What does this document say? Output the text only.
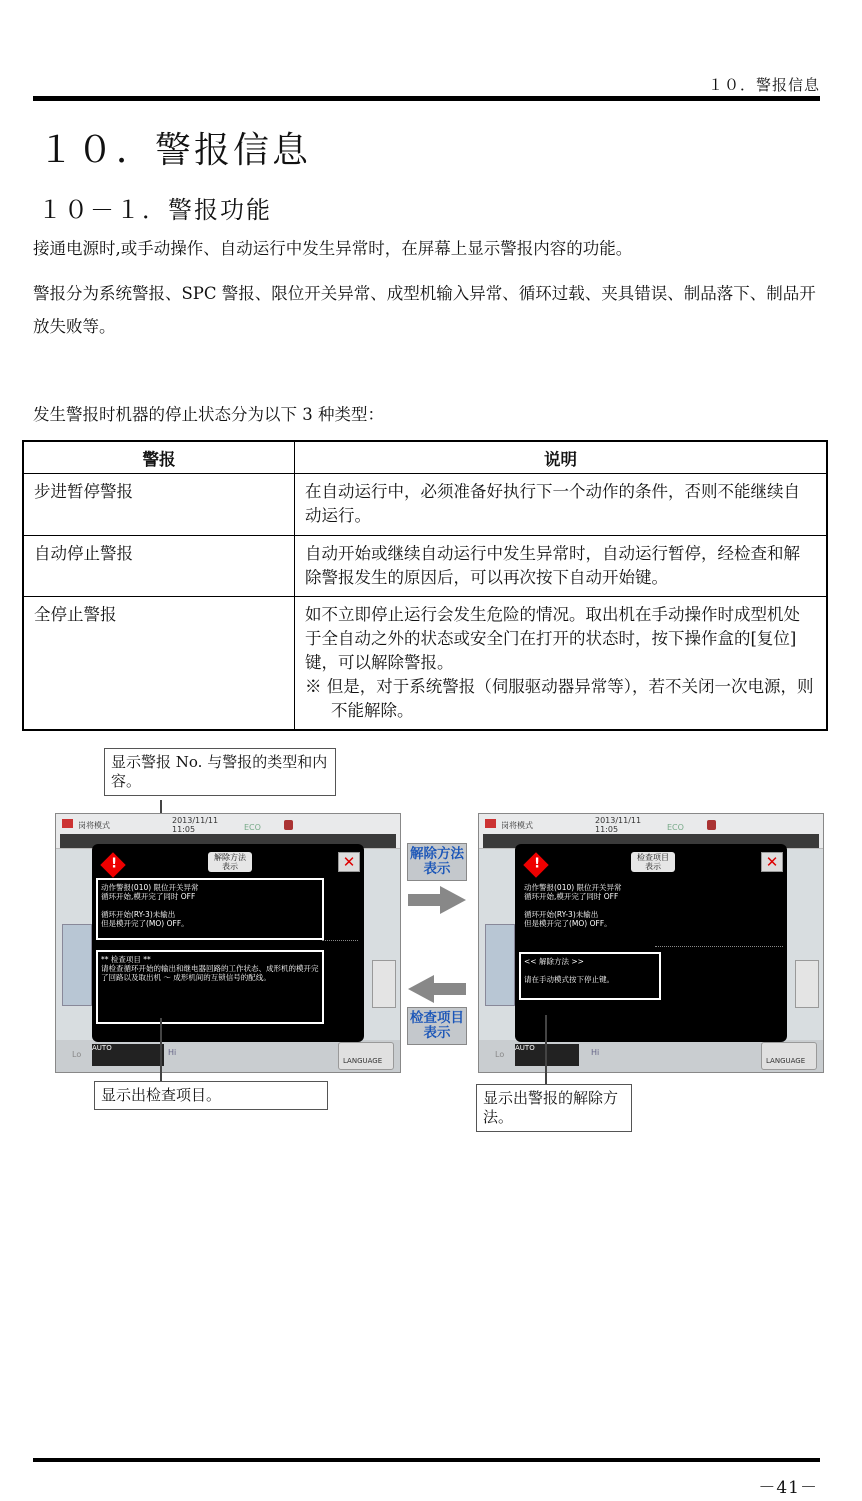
１０．警报信息
１０．警报信息
１０－１．警报功能
接通电源时,或手动操作、自动运行中发生异常时，在屏幕上显示警报内容的功能。
警报分为系统警报、SPC 警报、限位开关异常、成型机输入异常、循环过载、夹具错误、制品落下、制品开放失败等。
发生警报时机器的停止状态分为以下 3 种类型：
警报	说明
步进暂停警报	在自动运行中，必须准备好执行下一个动作的条件，否则不能继续自动运行。
自动停止警报	自动开始或继续自动运行中发生异常时，自动运行暂停，经检查和解除警报发生的原因后，可以再次按下自动开始键。
全停止警报	如不立即停止运行会发生危险的情况。取出机在手动操作时成型机处于全自动之外的状态或安全门在打开的状态时，按下操作盒的[复位]键，可以解除警报。
※ 但是，对于系统警报（伺服驱动器异常等），若不关闭一次电源，则不能解除。
显示警报 No. 与警报的类型和内容。
岗将模式
2013/11/11
11:05	ECO
Lo
AUTO	Hi
LANGUAGE
!	解除方法
表示	✕
动作警报(010) 限位开关异常
循环开始,模开完了同时 OFF

循环开始(RY-3)未输出
但是模开完了(MO) OFF。
** 检查项目 **
请检查循环开始的输出和继电器回路的工作状态、成形机的模开完了回路以及取出机 ～ 成形机间的互锁信号的配线。
解除方法
表示
检查项目
表示
岗将模式
2013/11/11
11:05	ECO
Lo
AUTO	Hi
LANGUAGE
!	检查项目
表示	✕
动作警报(010) 限位开关异常
循环开始,模开完了同时 OFF

循环开始(RY-3)未输出
但是模开完了(MO) OFF。
<< 解除方法 >>

请在手动模式按下停止键。
显示出检查项目。	显示出警报的解除方法。
－41－
